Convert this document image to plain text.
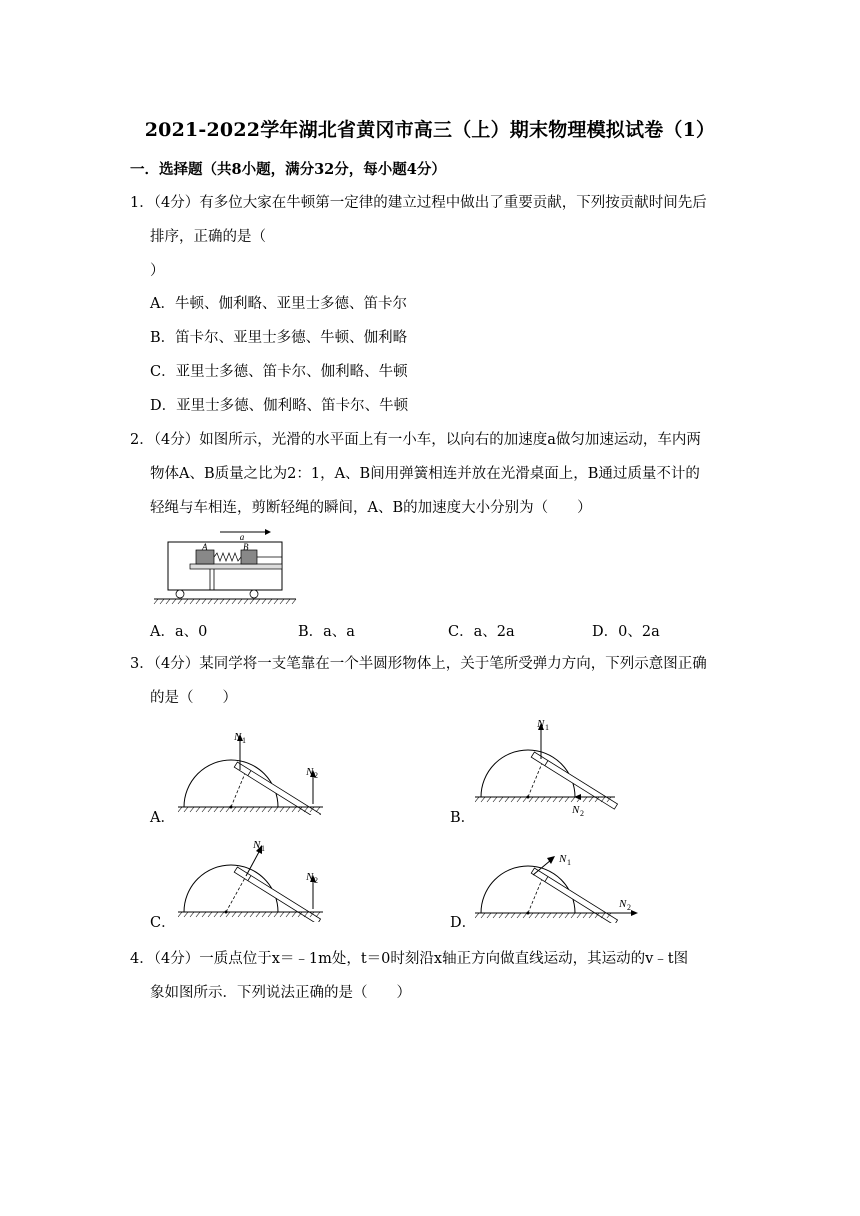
2021-2022学年湖北省黄冈市高三（上）期末物理模拟试卷（1）
一．选择题（共8小题，满分32分，每小题4分）
1．（4分）有多位大家在牛顿第一定律的建立过程中做出了重要贡献，下列按贡献时间先后
排序，正确的是（
）
A．牛顿、伽利略、亚里士多德、笛卡尔
B．笛卡尔、亚里士多德、牛顿、伽利略
C．亚里士多德、笛卡尔、伽利略、牛顿
D．亚里士多德、伽利略、笛卡尔、牛顿
2．（4分）如图所示，光滑的水平面上有一小车，以向右的加速度a做匀加速运动，车内两
物体A、B质量之比为2：1，A、B间用弹簧相连并放在光滑桌面上，B通过质量不计的
轻绳与车相连，剪断轻绳的瞬间，A、B的加速度大小分别为（　　）
a
A	B
A．a、0	B．a、a	C．a、2a	D．0、2a
3．（4分）某同学将一支笔靠在一个半圆形物体上，关于笔所受弹力方向，下列示意图正确
的是（　　）
A．	B．
C．	D．
N 1
N 2
N 1
N 2
N 1
N 2
N 1
N 2
4．（4分）一质点位于x＝﹣1m处，t＝0时刻沿x轴正方向做直线运动，其运动的v﹣t图
象如图所示．下列说法正确的是（　　）
